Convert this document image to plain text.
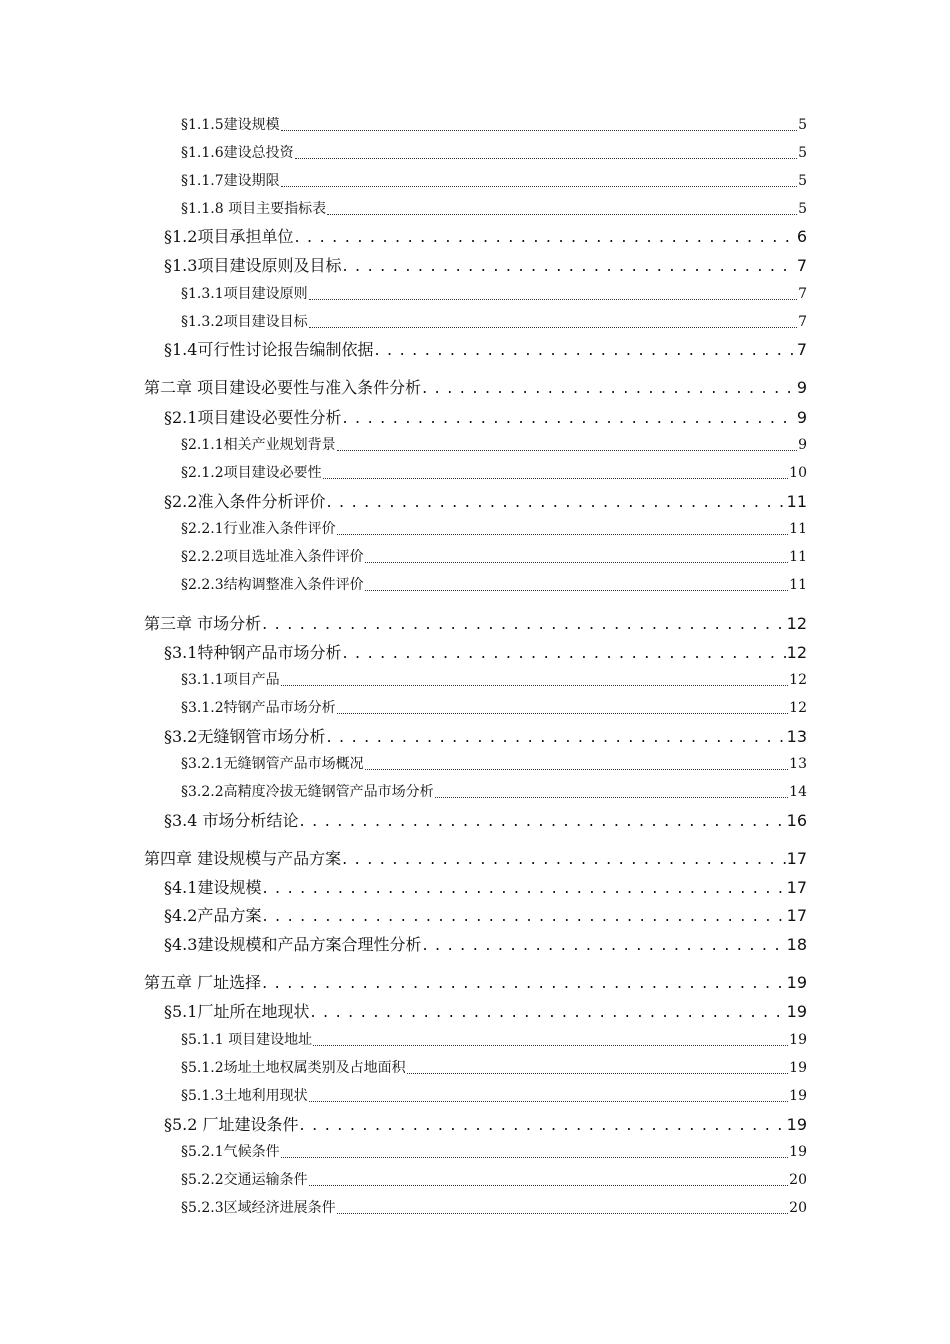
§1.1.5建设规模	5
§1.1.6建设总投资	5
§1.1.7建设期限	5
§1.1.8 项目主要指标表	5
§1.2项目承担单位 . . .	6
§1.3项目建设原则及目标 . . .	7
§1.3.1项目建设原则	7
§1.3.2项目建设目标	7
§1.4可行性讨论报告编制依据 . . .	7
第二章 项目建设必要性与准入条件分析 . . .	9
§2.1项目建设必要性分析 . . .	9
§2.1.1相关产业规划背景	9
§2.1.2项目建设必要性	10
§2.2准入条件分析评价 . . .	11
§2.2.1行业准入条件评价	11
§2.2.2项目选址准入条件评价	11
§2.2.3结构调整准入条件评价	11
第三章 市场分析 . . .	12
§3.1特种钢产品市场分析 . . .	12
§3.1.1项目产品	12
§3.1.2特钢产品市场分析	12
§3.2无缝钢管市场分析 . . .	13
§3.2.1无缝钢管产品市场概况	13
§3.2.2高精度冷拔无缝钢管产品市场分析	14
§3.4 市场分析结论 . . .	16
第四章 建设规模与产品方案 . . .	17
§4.1建设规模 . . .	17
§4.2产品方案 . . .	17
§4.3建设规模和产品方案合理性分析 . . .	18
第五章 厂址选择 . . .	19
§5.1厂址所在地现状 . . .	19
§5.1.1 项目建设地址	19
§5.1.2场址土地权属类别及占地面积	19
§5.1.3土地利用现状	19
§5.2 厂址建设条件 . . .	19
§5.2.1气候条件	19
§5.2.2交通运输条件	20
§5.2.3区域经济进展条件	20
